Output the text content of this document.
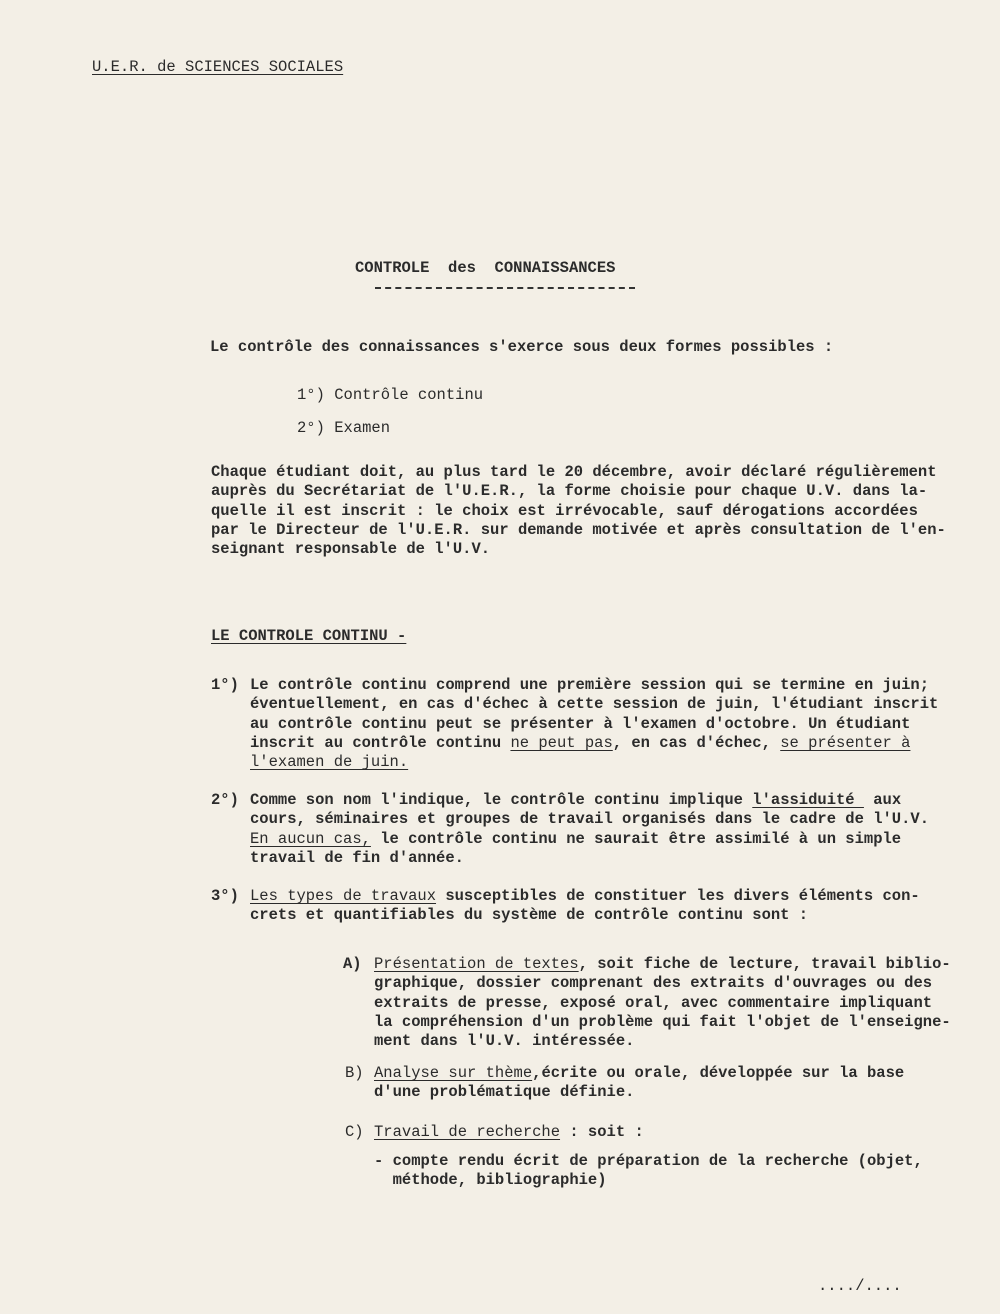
U.E.R. de SCIENCES SOCIALES
CONTROLE des CONNAISSANCES
Le contrôle des connaissances s'exerce sous deux formes possibles :
1°) Contrôle continu
2°) Examen
Chaque étudiant doit, au plus tard le 20 décembre, avoir déclaré régulièrement
auprès du Secrétariat de l'U.E.R., la forme choisie pour chaque U.V. dans la-
quelle il est inscrit : le choix est irrévocable, sauf dérogations accordées
par le Directeur de l'U.E.R. sur demande motivée et après consultation de l'en-
seignant responsable de l'U.V.
LE CONTROLE CONTINU -
1°) Le contrôle continu comprend une première session qui se termine en juin;
éventuellement, en cas d'échec à cette session de juin, l'étudiant inscrit
au contrôle continu peut se présenter à l'examen d'octobre. Un étudiant
inscrit au contrôle continu ne peut pas, en cas d'échec, se présenter à
l'examen de juin.
2°) Comme son nom l'indique, le contrôle continu implique l'assiduité  aux
cours, séminaires et groupes de travail organisés dans le cadre de l'U.V.
En aucun cas, le contrôle continu ne saurait être assimilé à un simple
travail de fin d'année.
3°) Les types de travaux susceptibles de constituer les divers éléments con-
crets et quantifiables du système de contrôle continu sont :
A) Présentation de textes, soit fiche de lecture, travail biblio-
graphique, dossier comprenant des extraits d'ouvrages ou des
extraits de presse, exposé oral, avec commentaire impliquant
la compréhension d'un problème qui fait l'objet de l'enseigne-
ment dans l'U.V. intéressée.
B) Analyse sur thème,écrite ou orale, développée sur la base
d'une problématique définie.
C) Travail de recherche : soit :
- compte rendu écrit de préparation de la recherche (objet,
méthode, bibliographie)
..../....
